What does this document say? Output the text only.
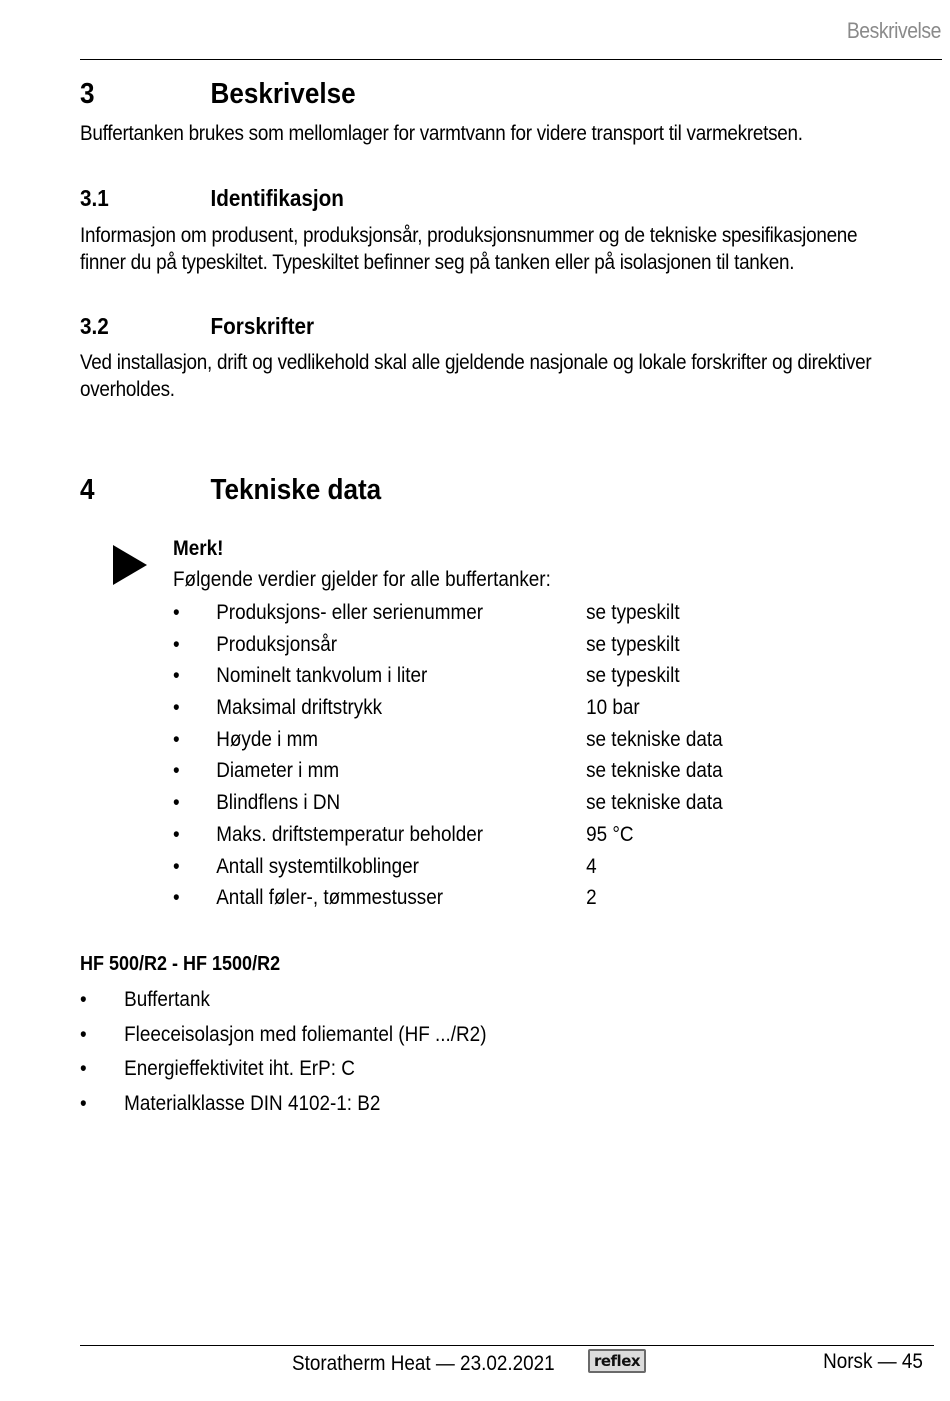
Beskrivelse
3	Beskrivelse
Buffertanken brukes som mellomlager for varmtvann for videre transport til varmekretsen.
3.1	Identifikasjon
Informasjon om produsent, produksjonsår, produksjonsnummer og de tekniske spesifikasjonene finner du på typeskiltet. Typeskiltet befinner seg på tanken eller på isolasjonen til tanken.
3.2	Forskrifter
Ved installasjon, drift og vedlikehold skal alle gjeldende nasjonale og lokale forskrifter og direktiver overholdes.
4	Tekniske data
Merk!
Følgende verdier gjelder for alle buffertanker:
• Produksjons- eller serienummer	se typeskilt
• Produksjonsår	se typeskilt
• Nominelt tankvolum i liter	se typeskilt
• Maksimal driftstrykk	10 bar
• Høyde i mm	se tekniske data
• Diameter i mm	se tekniske data
• Blindflens i DN	se tekniske data
• Maks. driftstemperatur beholder	95 °C
• Antall systemtilkoblinger	4
• Antall føler-, tømmestusser	2
HF 500/R2 - HF 1500/R2
• Buffertank
• Fleeceisolasjon med foliemantel (HF .../R2)
• Energieffektivitet iht. ErP: C
• Materialklasse DIN 4102-1: B2
Storatherm Heat — 23.02.2021	reflex	Norsk — 45
